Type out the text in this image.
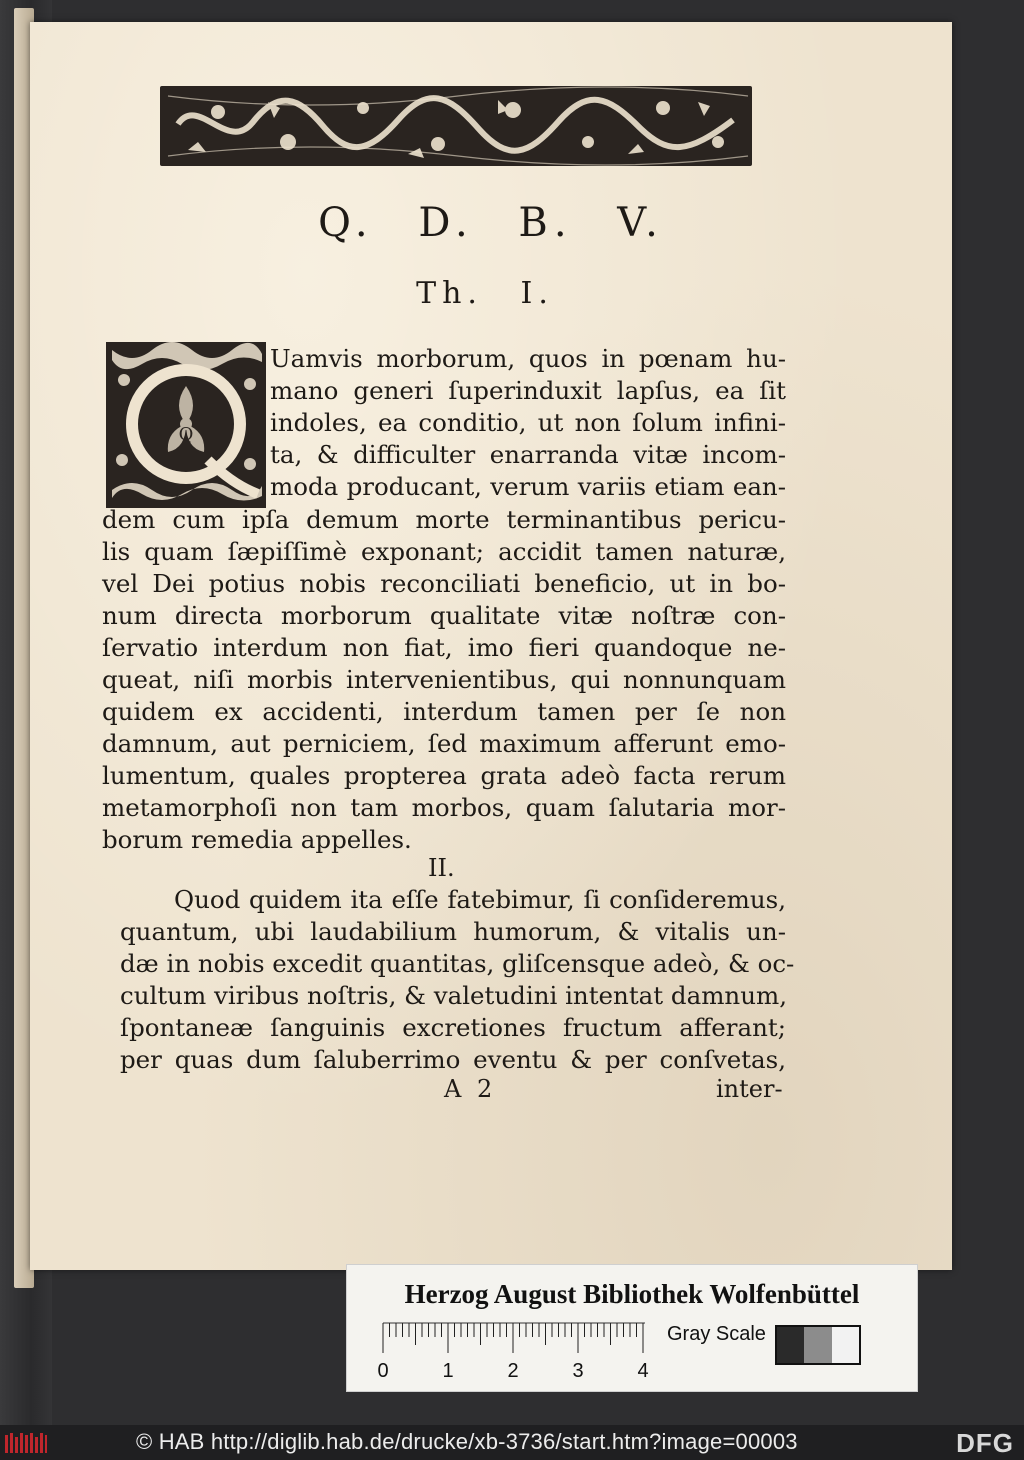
Q. D. B. V.
Th. I.
Q
Uamvis morborum, quos in pœnam hu-
mano generi ſuperinduxit lapſus, ea ſit
indoles, ea conditio, ut non ſolum infini-
ta, & difficulter enarranda vitæ incom-
moda producant, verum variis etiam ean-
dem cum ipſa demum morte terminantibus pericu-
lis quam ſæpiſſimè exponant; accidit tamen naturæ,
vel Dei potius nobis reconciliati beneficio, ut in bo-
num directa morborum qualitate vitæ noſtræ con-
ſervatio interdum non fiat, imo fieri quandoque ne-
queat, niſi morbis intervenientibus, qui nonnunquam
quidem ex accidenti, interdum tamen per ſe non
damnum, aut perniciem, ſed maximum afferunt emo-
lumentum, quales propterea grata adeò facta rerum
metamorphoſi non tam morbos, quam ſalutaria mor-
borum remedia appelles.
II.
Quod quidem ita eſſe fatebimur, ſi conſideremus,
quantum, ubi laudabilium humorum, & vitalis un-
dæ in nobis excedit quantitas, gliſcensque adeò, & oc-
cultum viribus noſtris, & valetudini intentat damnum,
ſpontaneæ ſanguinis excretiones fructum afferant;
per quas dum ſaluberrimo eventu & per conſvetas,
A 2	inter-
Herzog August Bibliothek Wolfenbüttel
0	1	2	3	4
Gray Scale
© HAB http://diglib.hab.de/drucke/xb-3736/start.htm?image=00003	DFG
